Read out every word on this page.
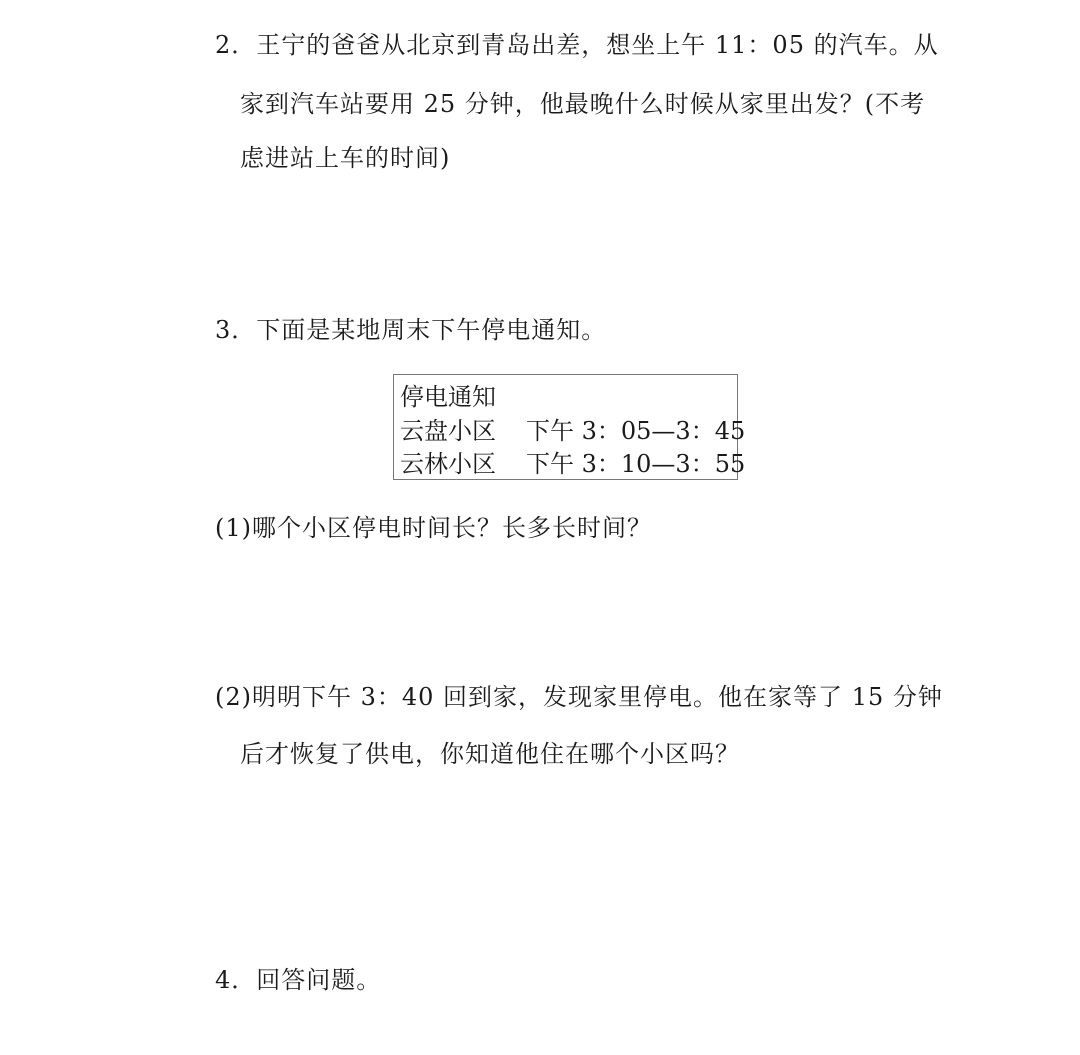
2．王宁的爸爸从北京到青岛出差，想坐上午 11：05 的汽车。从
家到汽车站要用 25 分钟，他最晚什么时候从家里出发？(不考
虑进站上车的时间)
3．下面是某地周末下午停电通知。
停电通知
云盘小区 下午 3：05—3：45
云林小区 下午 3：10—3：55
(1)哪个小区停电时间长？长多长时间？
(2)明明下午 3：40 回到家，发现家里停电。他在家等了 15 分钟
后才恢复了供电，你知道他住在哪个小区吗？
4．回答问题。
